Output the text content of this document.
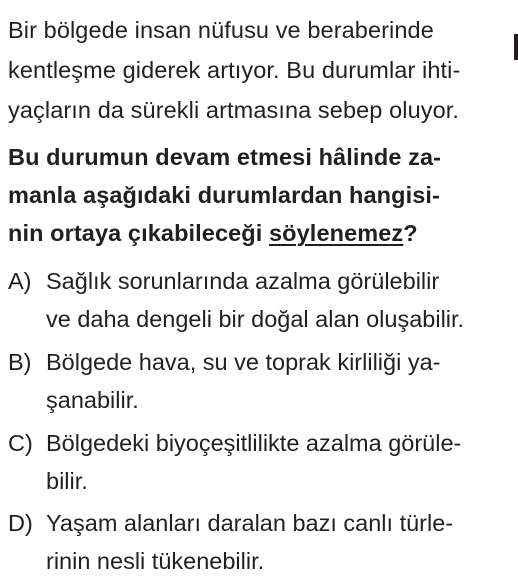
Bir bölgede insan nüfusu ve beraberinde
kentleşme giderek artıyor. Bu durumlar ihti-
yaçların da sürekli artmasına sebep oluyor.
Bu durumun devam etmesi hâlinde za-
manla aşağıdaki durumlardan hangisi-
nin ortaya çıkabileceği söylenemez?
A) Sağlık sorunlarında azalma görülebilir
ve daha dengeli bir doğal alan oluşabilir.
B) Bölgede hava, su ve toprak kirliliği ya-
şanabilir.
C) Bölgedeki biyoçeşitlilikte azalma görüle-
bilir.
D) Yaşam alanları daralan bazı canlı türle-
rinin nesli tükenebilir.
